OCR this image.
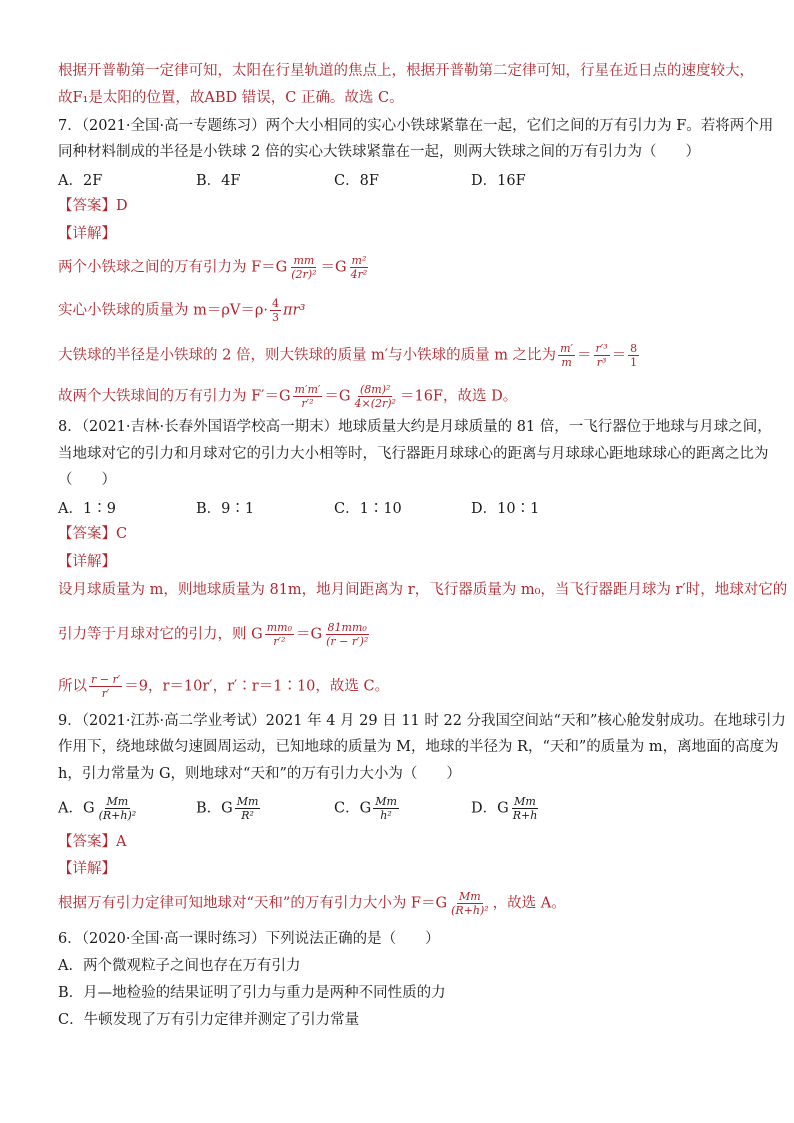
根据开普勒第一定律可知，太阳在行星轨道的焦点上，根据开普勒第二定律可知，行星在近日点的速度较大，
故F₁是太阳的位置，故ABD 错误，C 正确。故选 C。
7．（2021·全国·高一专题练习）两个大小相同的实心小铁球紧靠在一起，它们之间的万有引力为 F。若将两个用
同种材料制成的半径是小铁球 2 倍的实心大铁球紧靠在一起，则两大铁球之间的万有引力为（　　）
A．2F	B．4F	C．8F	D．16F
【答案】D
【详解】
两个小铁球之间的万有引力为 $F=G \frac{mm}{\text{(2r)²}} =G \frac{\text{m²}}{\text{4r²}}$
实心小铁球的质量为 $m=\rho V=\rho\cdot \frac{4}{3} \pi r^3$
大铁球的半径是小铁球的 2 倍，则大铁球的质量 m′与小铁球的质量 m 之比为 $\frac{m'}{m} = \frac{\text{r′³}}{\text{r³}} = \frac{8}{1}$
故两个大铁球间的万有引力为 $F'=G \frac{m'm'}{\text{r′²}} =G \frac{\text{(8m)²}}{\text{4×(2r)²}} =16F$，故选 D。
8．（2021·吉林·长春外国语学校高一期末）地球质量大约是月球质量的 81 倍，一飞行器位于地球与月球之间，
当地球对它的引力和月球对它的引力大小相等时，飞行器距月球球心的距离与月球球心距地球球心的距离之比为
（　　）
A．1∶9	B．9∶1	C．1∶10	D．10∶1
【答案】C
【详解】
设月球质量为 m，则地球质量为 81m，地月间距离为 r，飞行器质量为 m₀，当飞行器距月球为 r′时，地球对它的
引力等于月球对它的引力，则 G $\frac{\text{mm₀}}{\text{r′²}} =G \frac{\text{81mm₀}}{\text{(r − r′)²}}$
所以 $\frac{r - r'}{r'} =9$，r＝10r′，r′∶r＝1∶10，故选 C。
9．（2021·江苏·高二学业考试）2021 年 4 月 29 日 11 时 22 分我国空间站“天和”核心舱发射成功。在地球引力
作用下，绕地球做匀速圆周运动，已知地球的质量为 M，地球的半径为 R，“天和”的质量为 m，离地面的高度为
h，引力常量为 G，则地球对“天和”的万有引力大小为（　　）
A．G $\frac{Mm}{\text{(R+h)²}}$	B．G $\frac{Mm}{\text{R²}}$	C．G $\frac{Mm}{\text{h²}}$	D．G $\frac{Mm}{R+h}$
【答案】A
【详解】
根据万有引力定律可知地球对“天和”的万有引力大小为 $F=G \frac{Mm}{\text{(R+h)²}}$ ，故选 A。
6．（2020·全国·高一课时练习）下列说法正确的是（　　）
A．两个微观粒子之间也存在万有引力
B．月—地检验的结果证明了引力与重力是两种不同性质的力
C．牛顿发现了万有引力定律并测定了引力常量
